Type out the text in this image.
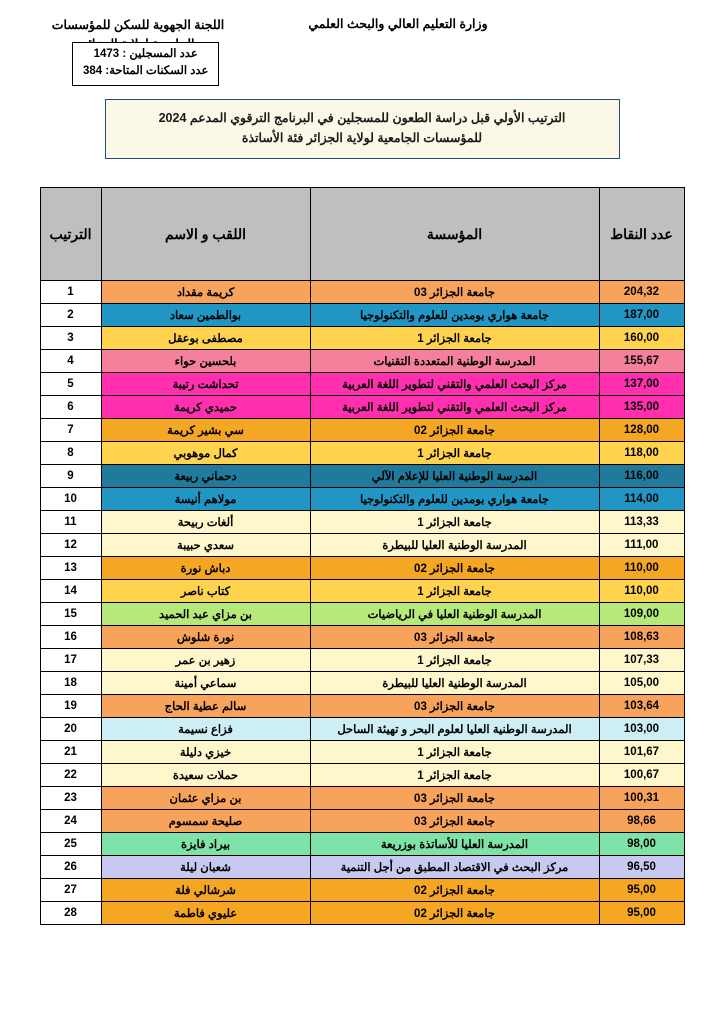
اللجنة الجهوية للسكن للمؤسسات	وزارة التعليم العالي والبحث العلمي
عدد المسجلين : 1473
عدد السكنات المتاحة: 384
الترتيب الأولي قبل دراسة الطعون للمسجلين في البرنامج الترقوي المدعم 2024
للمؤسسات الجامعية لولاية الجزائر فئة الأساتذة
عدد النقاط	المؤسسة	اللقب و الاسم	الترتيب
204,32	جامعة الجزائر 03	كريمة مقداد	1
187,00	جامعة هواري بومدين للعلوم والتكنولوجيا	بوالطمين سعاد	2
160,00	جامعة الجزائر 1	مصطفى بوعقل	3
155,67	المدرسة الوطنية المتعددة التقنيات	بلحسين حواء	4
137,00	مركز البحث العلمي والتقني لتطوير اللغة العربية	تحداشت رتيبة	5
135,00	مركز البحث العلمي والتقني لتطوير اللغة العربية	حميدي كريمة	6
128,00	جامعة الجزائر 02	سي بشير كريمة	7
118,00	جامعة الجزائر 1	كمال موهوبي	8
116,00	المدرسة الوطنية العليا للإعلام الآلي	دحماني ربيعة	9
114,00	جامعة هواري بومدين للعلوم والتكنولوجيا	مولاهم أنيسة	10
113,33	جامعة الجزائر 1	ألغات ربيحة	11
111,00	المدرسة الوطنية العليا للبيطرة	سعدي حبيبة	12
110,00	جامعة الجزائر 02	دباش نورة	13
110,00	جامعة الجزائر 1	كتاب ناصر	14
109,00	المدرسة الوطنية العليا في الرياضيات	بن مزاي عبد الحميد	15
108,63	جامعة الجزائر 03	نورة شلوش	16
107,33	جامعة الجزائر 1	زهير بن عمر	17
105,00	المدرسة الوطنية العليا للبيطرة	سماعي أمينة	18
103,64	جامعة الجزائر 03	سالم عطية الحاج	19
103,00	المدرسة الوطنية العليا لعلوم البحر و تهيئة الساحل	فزاع نسيمة	20
101,67	جامعة الجزائر 1	خيزي دليلة	21
100,67	جامعة الجزائر 1	حملات سعيدة	22
100,31	جامعة الجزائر 03	بن مزاي عثمان	23
98,66	جامعة الجزائر 03	صليحة سمسوم	24
98,00	المدرسة العليا للأساتذة بوزريعة	بيراد فايزة	25
96,50	مركز البحث في الاقتصاد المطبق من أجل التنمية	شعبان ليلة	26
95,00	جامعة الجزائر 02	شرشالي فلة	27
95,00	جامعة الجزائر 02	عليوي فاطمة	28
